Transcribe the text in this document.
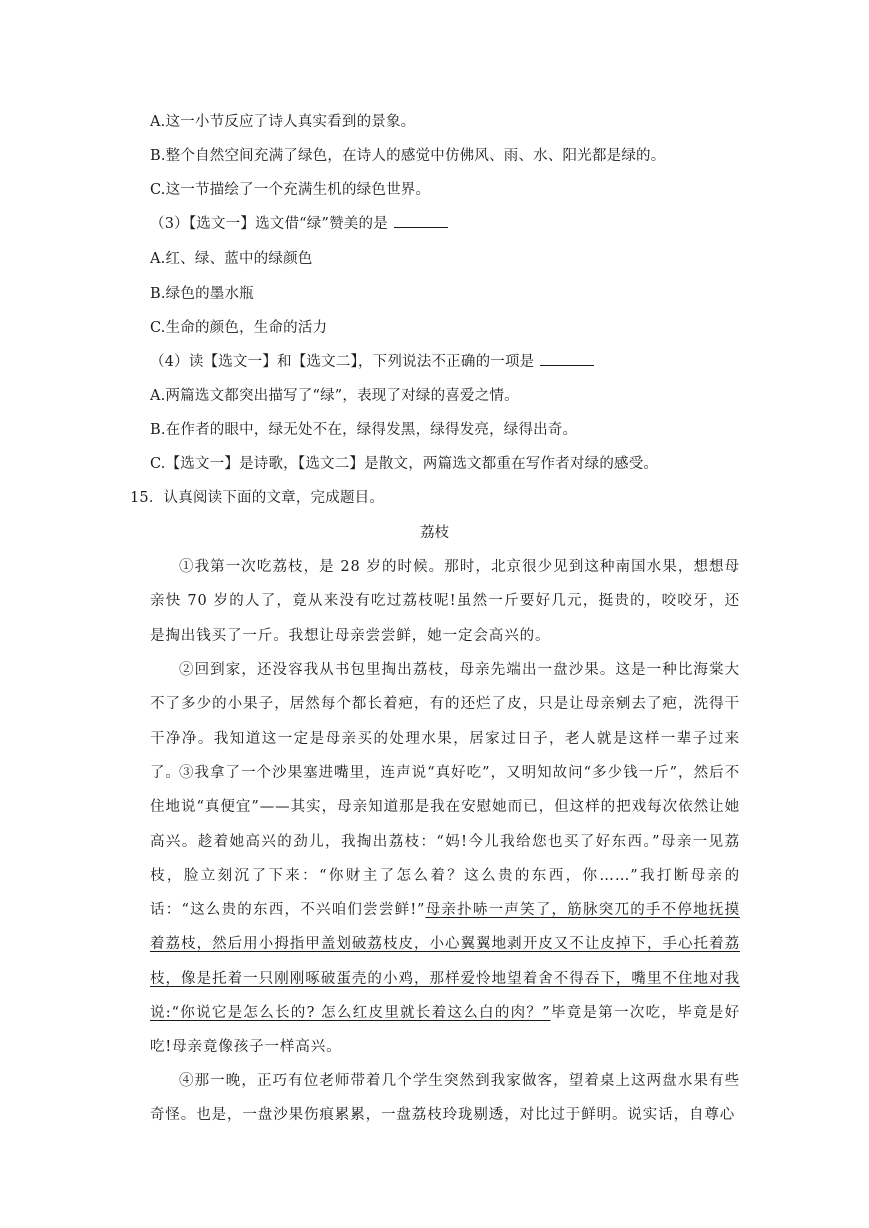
A.这一小节反应了诗人真实看到的景象。
B.整个自然空间充满了绿色，在诗人的感觉中仿佛风、雨、水、阳光都是绿的。
C.这一节描绘了一个充满生机的绿色世界。
（3）【选文一】选文借“绿”赞美的是
A.红、绿、蓝中的绿颜色
B.绿色的墨水瓶
C.生命的颜色，生命的活力
（4）读【选文一】和【选文二】，下列说法不正确的一项是
A.两篇选文都突出描写了“绿”，表现了对绿的喜爱之情。
B.在作者的眼中，绿无处不在，绿得发黑，绿得发亮，绿得出奇。
C.【选文一】是诗歌，【选文二】是散文，两篇选文都重在写作者对绿的感受。
15．认真阅读下面的文章，完成题目。
荔枝
①我第一次吃荔枝，是 28 岁的时候。那时，北京很少见到这种南国水果，想想母亲快 70 岁的人了，竟从来没有吃过荔枝呢!虽然一斤要好几元，挺贵的，咬咬牙，还是掏出钱买了一斤。我想让母亲尝尝鲜，她一定会高兴的。
②回到家，还没容我从书包里掏出荔枝，母亲先端出一盘沙果。这是一种比海棠大不了多少的小果子，居然每个都长着疤，有的还烂了皮，只是让母亲剜去了疤，洗得干干净净。我知道这一定是母亲买的处理水果，居家过日子，老人就是这样一辈子过来了。
③我拿了一个沙果塞进嘴里，连声说“真好吃”，又明知故问“多少钱一斤”，然后不住地说“真便宜”——其实，母亲知道那是我在安慰她而已，但这样的把戏每次依然让她高兴。趁着她高兴的劲儿，我掏出荔枝：“妈!今儿我给您也买了好东西。”母亲一见荔枝，脸立刻沉了下来：“你财主了怎么着？这么贵的东西，你……”我打断母亲的话：“这么贵的东西，不兴咱们尝尝鲜!”母亲扑哧一声笑了，筋脉突兀的手不停地抚摸着荔枝，然后用小拇指甲盖划破荔枝皮，小心翼翼地剥开皮又不让皮掉下，手心托着荔枝，像是托着一只刚刚啄破蛋壳的小鸡，那样爱怜地望着舍不得吞下，嘴里不住地对我说:“你说它是怎么长的? 怎么红皮里就长着这么白的肉？”毕竟是第一次吃，毕竟是好吃!母亲竟像孩子一样高兴。
④那一晚，正巧有位老师带着几个学生突然到我家做客，望着桌上这两盘水果有些奇怪。也是，一盘沙果伤痕累累，一盘荔枝玲珑剔透，对比过于鲜明。说实话，自尊心
